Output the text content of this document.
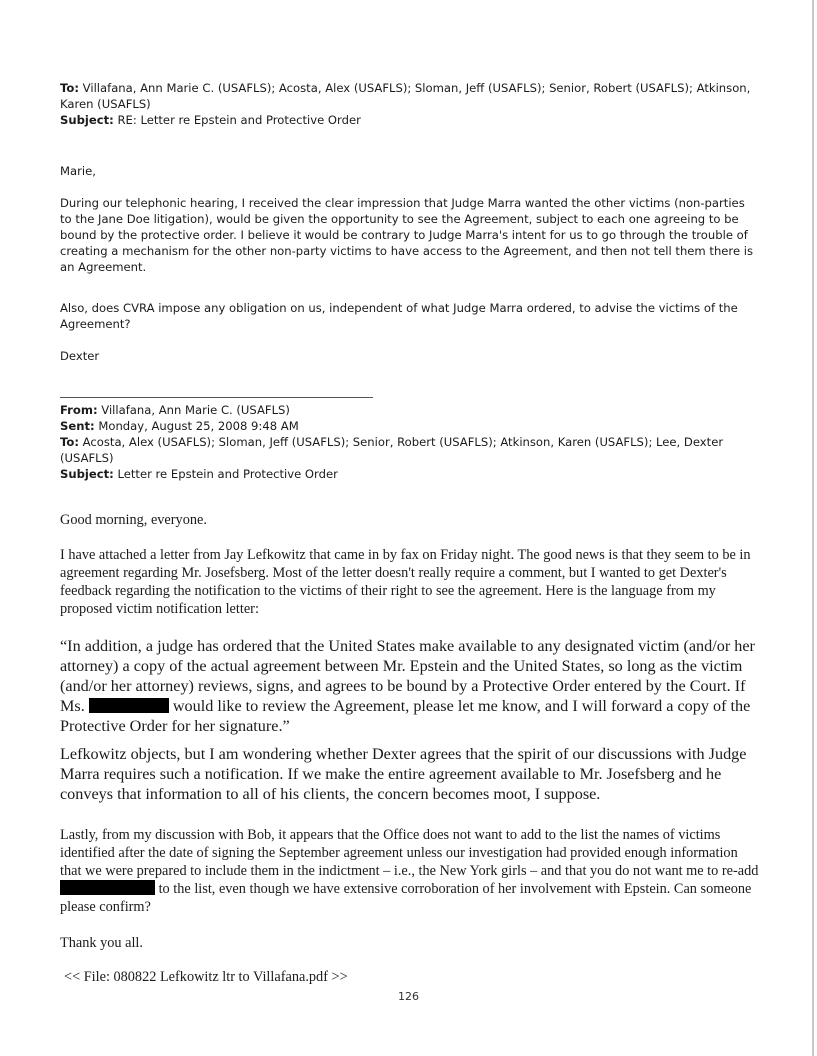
To: Villafana, Ann Marie C. (USAFLS); Acosta, Alex (USAFLS); Sloman, Jeff (USAFLS); Senior, Robert (USAFLS); Atkinson, Karen (USAFLS)
Subject: RE: Letter re Epstein and Protective Order

Marie,

During our telephonic hearing, I received the clear impression that Judge Marra wanted the other victims (non-parties to the Jane Doe litigation), would be given the opportunity to see the Agreement, subject to each one agreeing to be bound by the protective order. I believe it would be contrary to Judge Marra's intent for us to go through the trouble of creating a mechanism for the other non-party victims to have access to the Agreement, and then not tell them there is an Agreement.

Also, does CVRA impose any obligation on us, independent of what Judge Marra ordered, to advise the victims of the Agreement?

Dexter

From: Villafana, Ann Marie C. (USAFLS)
Sent: Monday, August 25, 2008 9:48 AM
To: Acosta, Alex (USAFLS); Sloman, Jeff (USAFLS); Senior, Robert (USAFLS); Atkinson, Karen (USAFLS); Lee, Dexter (USAFLS)
Subject: Letter re Epstein and Protective Order

Good morning, everyone.

I have attached a letter from Jay Lefkowitz that came in by fax on Friday night. The good news is that they seem to be in agreement regarding Mr. Josefsberg. Most of the letter doesn't really require a comment, but I wanted to get Dexter's feedback regarding the notification to the victims of their right to see the agreement. Here is the language from my proposed victim notification letter:

“In addition, a judge has ordered that the United States make available to any designated victim (and/or her attorney) a copy of the actual agreement between Mr. Epstein and the United States, so long as the victim (and/or her attorney) reviews, signs, and agrees to be bound by a Protective Order entered by the Court. If Ms.	would like to review the Agreement, please let me know, and I will forward a copy of the Protective Order for her signature.”

Lefkowitz objects, but I am wondering whether Dexter agrees that the spirit of our discussions with Judge Marra requires such a notification. If we make the entire agreement available to Mr. Josefsberg and he conveys that information to all of his clients, the concern becomes moot, I suppose.

Lastly, from my discussion with Bob, it appears that the Office does not want to add to the list the names of victims identified after the date of signing the September agreement unless our investigation had provided enough information that we were prepared to include them in the indictment – i.e., the New York girls – and that you do not want me to re-add  to the list, even though we have extensive corroboration of her involvement with Epstein. Can someone please confirm?

Thank you all.

<< File: 080822 Lefkowitz ltr to Villafana.pdf >>

126
